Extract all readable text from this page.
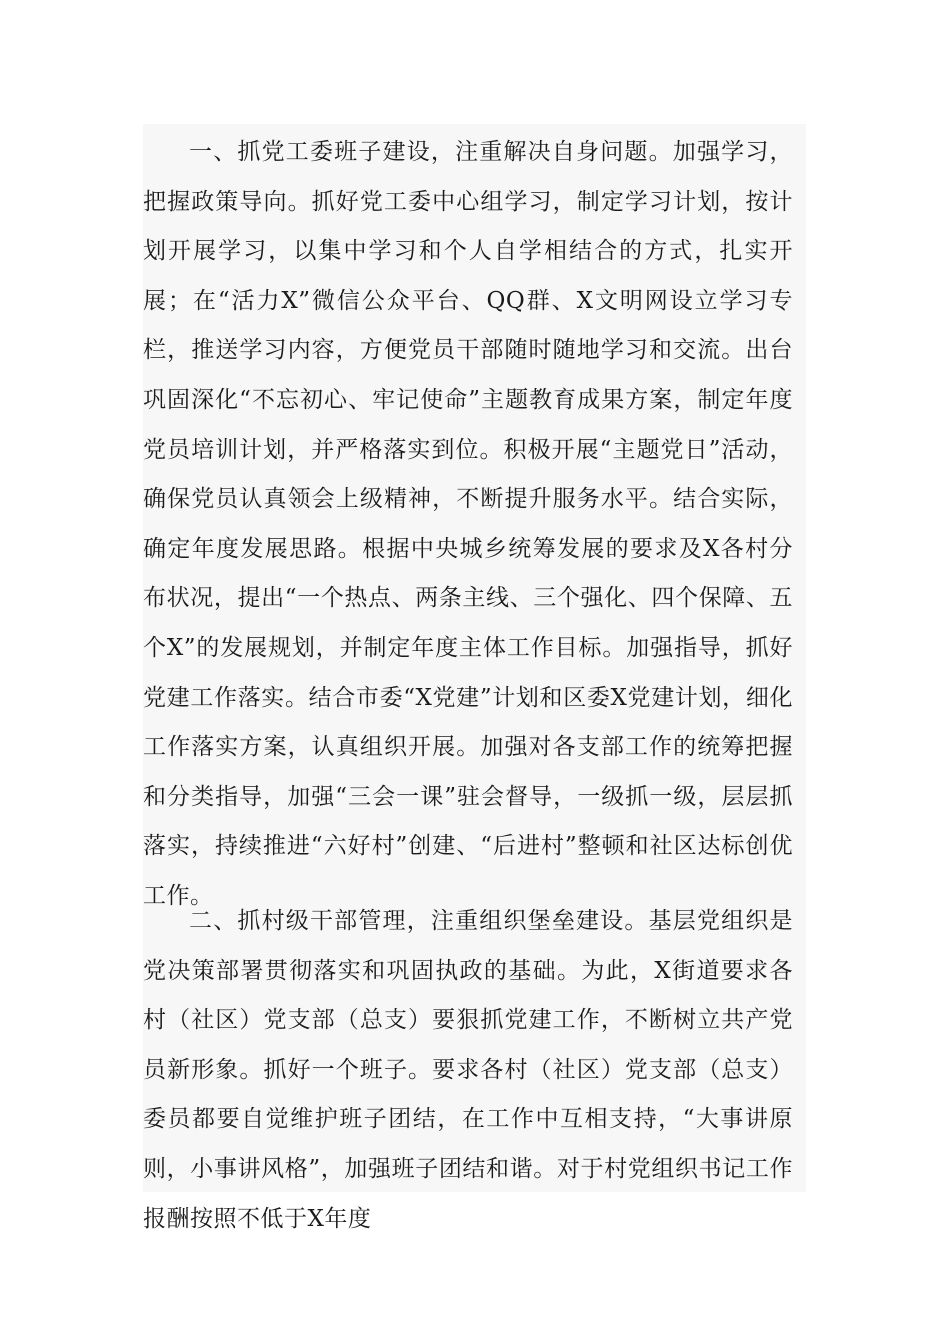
一、抓党工委班子建设，注重解决自身问题。加强学习，把握政策导向。抓好党工委中心组学习，制定学习计划，按计划开展学习，以集中学习和个人自学相结合的方式，扎实开展；在“活力X”微信公众平台、QQ群、X文明网设立学习专栏，推送学习内容，方便党员干部随时随地学习和交流。出台巩固深化“不忘初心、牢记使命”主题教育成果方案，制定年度党员培训计划，并严格落实到位。积极开展“主题党日”活动，确保党员认真领会上级精神，不断提升服务水平。结合实际，确定年度发展思路。根据中央城乡统筹发展的要求及X各村分布状况，提出“一个热点、两条主线、三个强化、四个保障、五个X”的发展规划，并制定年度主体工作目标。加强指导，抓好党建工作落实。结合市委“X党建”计划和区委X党建计划，细化工作落实方案，认真组织开展。加强对各支部工作的统筹把握和分类指导，加强“三会一课”驻会督导，一级抓一级，层层抓落实，持续推进“六好村”创建、“后进村”整顿和社区达标创优工作。

二、抓村级干部管理，注重组织堡垒建设。基层党组织是党决策部署贯彻落实和巩固执政的基础。为此，X街道要求各村（社区）党支部（总支）要狠抓党建工作，不断树立共产党员新形象。抓好一个班子。要求各村（社区）党支部（总支）委员都要自觉维护班子团结，在工作中互相支持，“大事讲原则，小事讲风格”，加强班子团结和谐。对于村党组织书记工作报酬按照不低于X年度
